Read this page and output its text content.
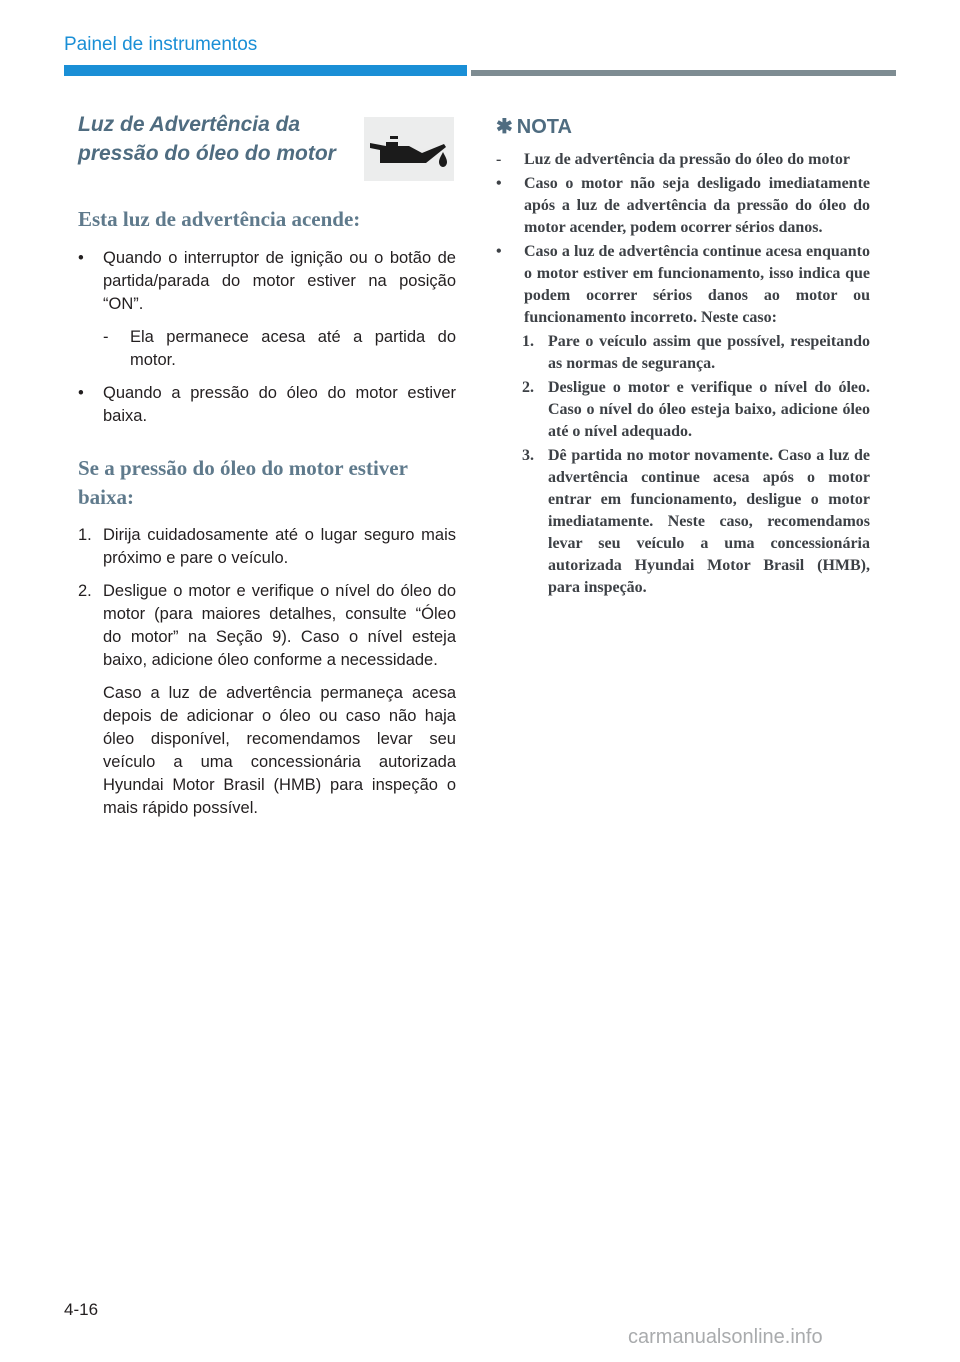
Painel de instrumentos
Luz de Advertência da pressão do óleo do motor
Esta luz de advertência acende:

• Quando o interruptor de ignição ou o botão de partida/parada do motor estiver na posição “ON”.

- Ela permanece acesa até a partida do motor.

• Quando a pressão do óleo do motor estiver baixa.

Se a pressão do óleo do motor estiver baixa:

1. Dirija cuidadosamente até o lugar seguro mais próximo e pare o veículo.

2. Desligue o motor e verifique o nível do óleo do motor (para maiores detalhes, consulte “Óleo do motor” na Seção 9). Caso o nível esteja baixo, adicione óleo conforme a necessidade.

Caso a luz de advertência permaneça acesa depois de adicionar o óleo ou caso não haja óleo disponível, recomendamos levar seu veículo a uma concessionária autorizada Hyundai Motor Brasil (HMB) para inspeção o mais rápido possível.

✱ NOTA

- Luz de advertência da pressão do óleo do motor

• Caso o motor não seja desligado imediatamente após a luz de advertência da pressão do óleo do motor acender, podem ocorrer sérios danos.

• Caso a luz de advertência continue acesa enquanto o motor estiver em funcionamento, isso indica que podem ocorrer sérios danos ao motor ou funcionamento incorreto. Neste caso:

1. Pare o veículo assim que possível, respeitando as normas de segurança.

2. Desligue o motor e verifique o nível do óleo. Caso o nível do óleo esteja baixo, adicione óleo até o nível adequado.

3. Dê partida no motor novamente. Caso a luz de advertência continue acesa após o motor entrar em funcionamento, desligue o motor imediatamente. Neste caso, recomendamos levar seu veículo a uma concessionária autorizada Hyundai Motor Brasil (HMB), para inspeção.

4-16
carmanualsonline.info
